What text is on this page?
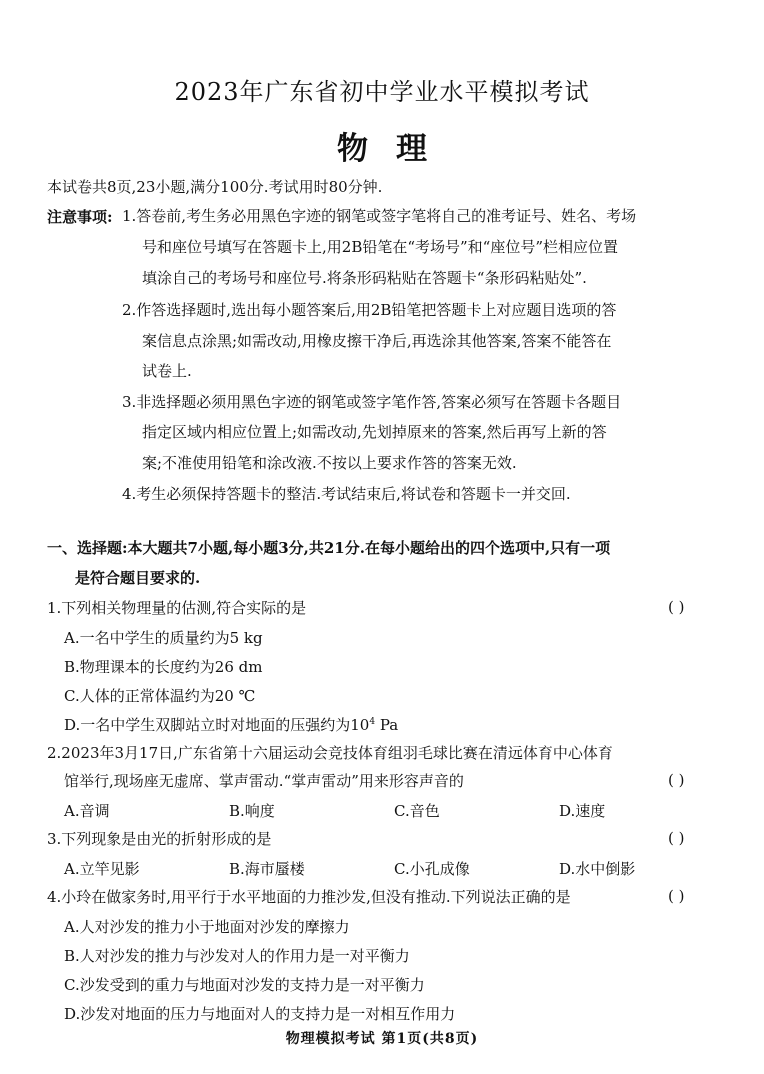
2023年广东省初中学业水平模拟考试
物理
本试卷共8页,23小题,满分100分.考试用时80分钟.
注意事项: 1.答卷前,考生务必用黑色字迹的钢笔或签字笔将自己的准考证号、姓名、考场
号和座位号填写在答题卡上,用2B铅笔在“考场号”和“座位号”栏相应位置
填涂自己的考场号和座位号.将条形码粘贴在答题卡“条形码粘贴处”.
2.作答选择题时,选出每小题答案后,用2B铅笔把答题卡上对应题目选项的答
案信息点涂黑;如需改动,用橡皮擦干净后,再选涂其他答案,答案不能答在
试卷上.
3.非选择题必须用黑色字迹的钢笔或签字笔作答,答案必须写在答题卡各题目
指定区域内相应位置上;如需改动,先划掉原来的答案,然后再写上新的答
案;不准使用铅笔和涂改液.不按以上要求作答的答案无效.
4.考生必须保持答题卡的整洁.考试结束后,将试卷和答题卡一并交回.
一、选择题:本大题共7小题,每小题3分,共21分.在每小题给出的四个选项中,只有一项
是符合题目要求的.
1.下列相关物理量的估测,符合实际的是	( )
A.一名中学生的质量约为5 kg
B.物理课本的长度约为26 dm
C.人体的正常体温约为20 ℃
D.一名中学生双脚站立时对地面的压强约为$10^4$ Pa
2.2023年3月17日,广东省第十六届运动会竞技体育组羽毛球比赛在清远体育中心体育
馆举行,现场座无虚席、掌声雷动.“掌声雷动”用来形容声音的	( )
A.音调	B.响度	C.音色	D.速度
3.下列现象是由光的折射形成的是	( )
A.立竿见影	B.海市蜃楼	C.小孔成像	D.水中倒影
4.小玲在做家务时,用平行于水平地面的力推沙发,但没有推动.下列说法正确的是	( )
A.人对沙发的推力小于地面对沙发的摩擦力
B.人对沙发的推力与沙发对人的作用力是一对平衡力
C.沙发受到的重力与地面对沙发的支持力是一对平衡力
D.沙发对地面的压力与地面对人的支持力是一对相互作用力
物理模拟考试 第1页(共8页)
